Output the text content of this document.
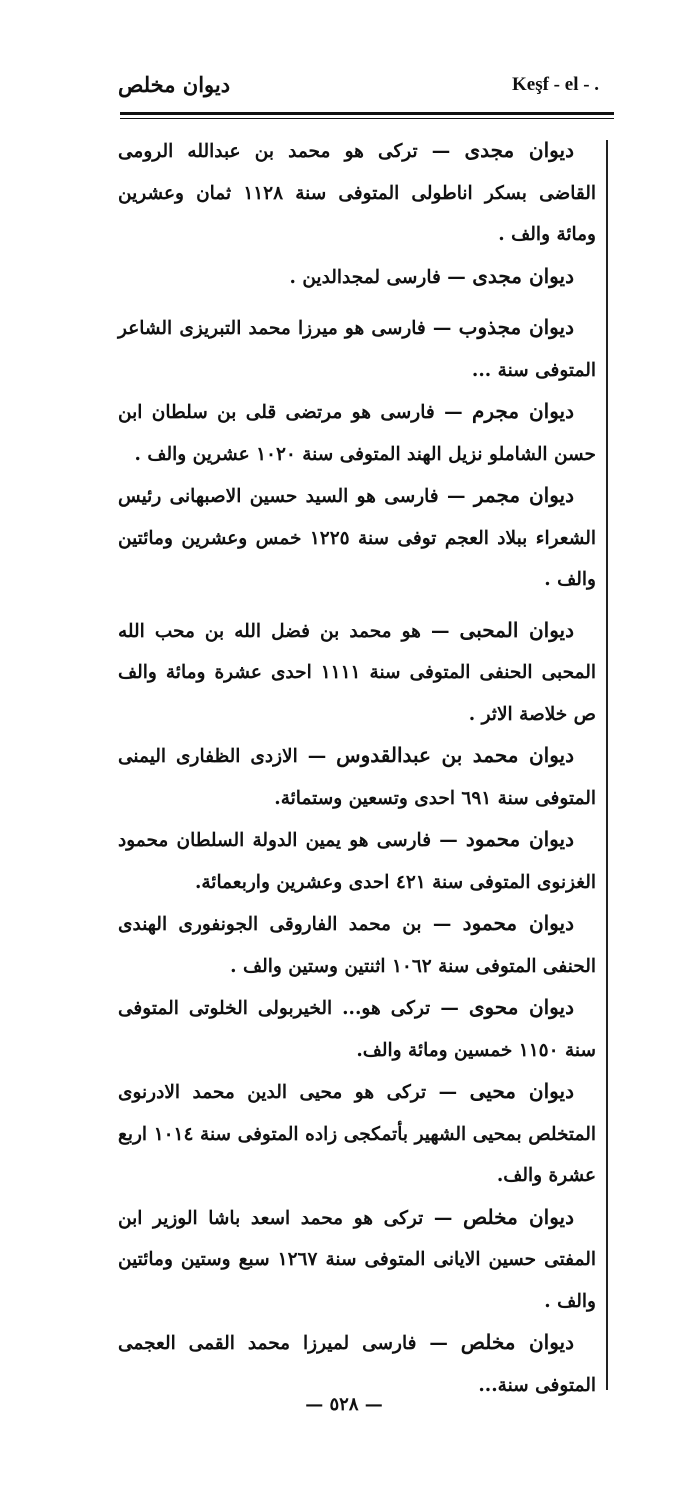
ديوان مخلص	Keşf - el - .

ديوان مجدى — تركى هو محمد بن عبدالله الرومى القاضى بسكر اناطولى المتوفى سنة ١١٢٨ ثمان وعشرين ومائة والف .

ديوان مجدى — فارسى لمجدالدين .

ديوان مجذوب — فارسى هو ميرزا محمد التبريزى الشاعر المتوفى سنة ...

ديوان مجرم — فارسى هو مرتضى قلى بن سلطان ابن حسن الشاملو نزيل الهند المتوفى سنة ١٠٢٠ عشرين والف .

ديوان مجمر — فارسى هو السيد حسين الاصبهانى رئيس الشعراء ببلاد العجم توفى سنة ١٢٢٥ خمس وعشرين ومائتين والف .

ديوان المحبى — هو محمد بن فضل الله بن محب الله المحبى الحنفى المتوفى سنة ١١١١ احدى عشرة ومائة والف ص خلاصة الاثر .

ديوان محمد بن عبدالقدوس — الازدى الظفارى اليمنى المتوفى سنة ٦٩١ احدى وتسعين وستمائة.

ديوان محمود — فارسى هو يمين الدولة السلطان محمود الغزنوى المتوفى سنة ٤٢١ احدى وعشرين واربعمائة.

ديوان محمود — بن محمد الفاروقى الجونفورى الهندى الحنفى المتوفى سنة ١٠٦٢ اثنتين وستين والف .

ديوان محوى — تركى هو... الخيربولى الخلوتى المتوفى سنة ١١٥٠ خمسين ومائة والف.

ديوان محيى — تركى هو محيى الدين محمد الادرنوى المتخلص بمحيى الشهير بأتمكجى زاده المتوفى سنة ١٠١٤ اربع عشرة والف.

ديوان مخلص — تركى هو محمد اسعد باشا الوزير ابن المفتى حسين الايانى المتوفى سنة ١٢٦٧ سبع وستين ومائتين والف .

ديوان مخلص — فارسى لميرزا محمد القمى العجمى المتوفى سنة...

— ٥٢٨ —
